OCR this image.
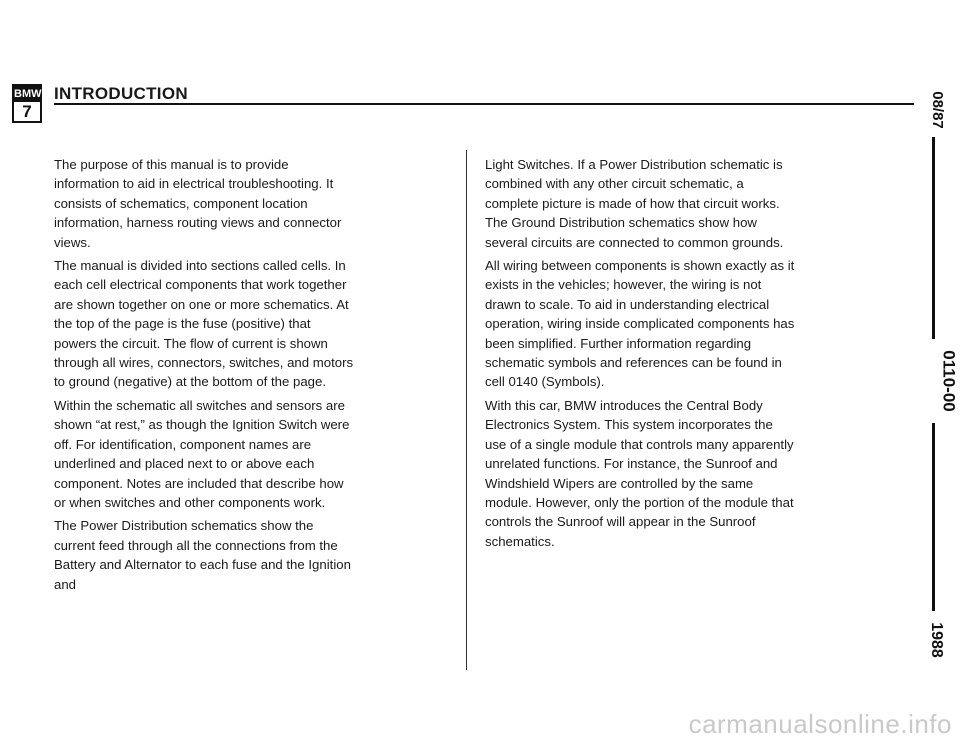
BMW
7
INTRODUCTION

The purpose of this manual is to provide information to aid in electrical troubleshooting. It consists of schematics, component location information, harness routing views and connector views.

The manual is divided into sections called cells. In each cell electrical components that work together are shown together on one or more schematics. At the top of the page is the fuse (positive) that powers the circuit. The flow of current is shown through all wires, connectors, switches, and motors to ground (negative) at the bottom of the page.

Within the schematic all switches and sensors are shown “at rest,” as though the Ignition Switch were off. For identification, component names are underlined and placed next to or above each component. Notes are included that describe how or when switches and other components work.

The Power Distribution schematics show the current feed through all the connections from the Battery and Alternator to each fuse and the Ignition and

Light Switches. If a Power Distribution schematic is combined with any other circuit schematic, a complete picture is made of how that circuit works. The Ground Distribution schematics show how several circuits are connected to common grounds.

All wiring between components is shown exactly as it exists in the vehicles; however, the wiring is not drawn to scale. To aid in understanding electrical operation, wiring inside complicated components has been simplified. Further information regarding schematic symbols and references can be found in cell 0140 (Symbols).

With this car, BMW introduces the Central Body Electronics System. This system incorporates the use of a single module that controls many apparently unrelated functions. For instance, the Sunroof and Windshield Wipers are controlled by the same module. However, only the portion of the module that controls the Sunroof will appear in the Sunroof schematics.

08/87
0110-00
1988
carmanualsonline.info
